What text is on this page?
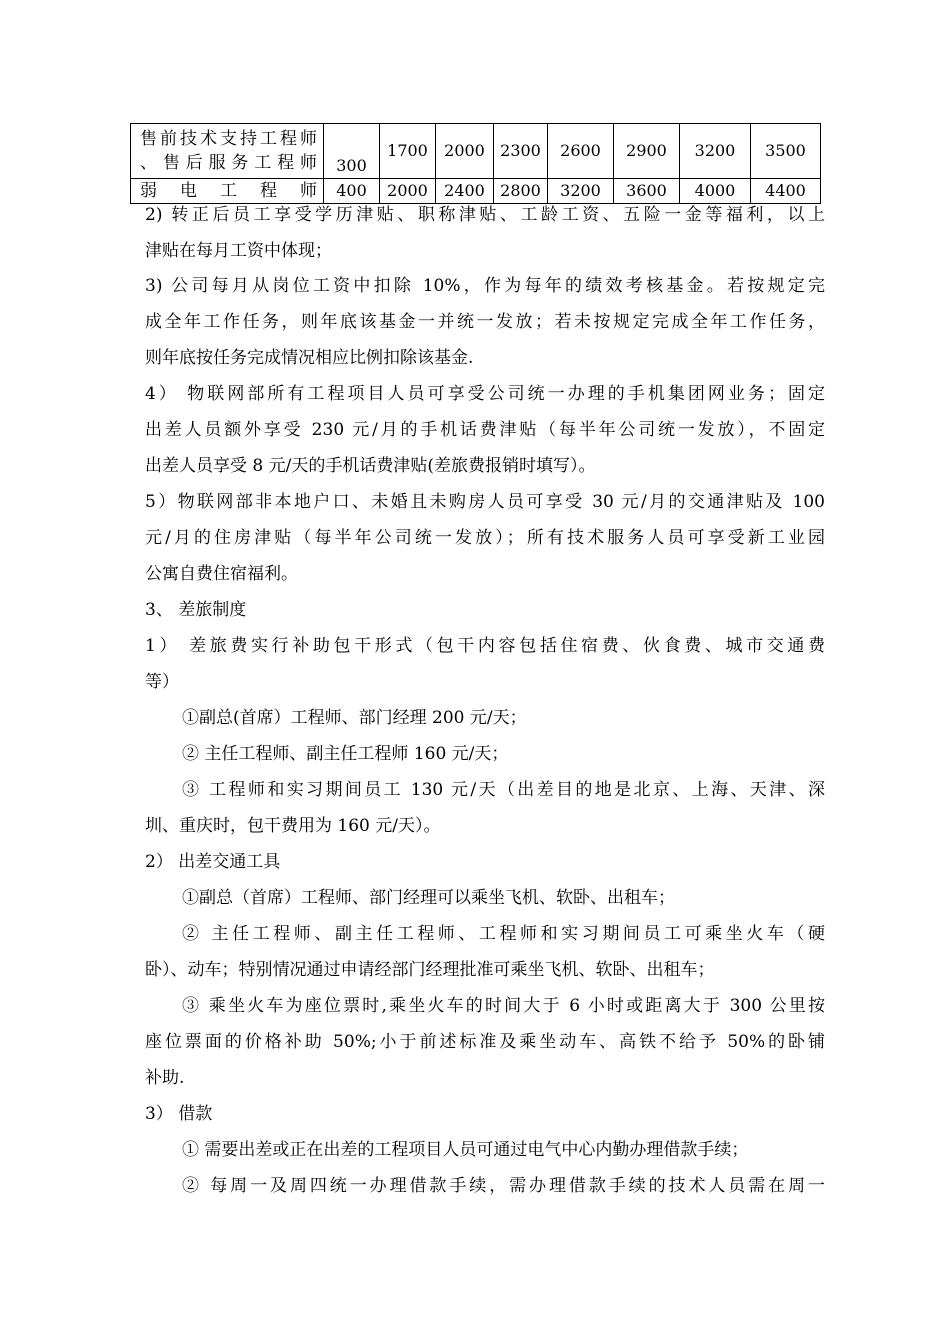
售前技术支持工程师
、售后服务工程师	300	1700	2000	2300	2600	2900	3200	3500
弱电工程师	400	2000	2400	2800	3200	3600	4000	4400
2) 转正后员工享受学历津贴、职称津贴、工龄工资、五险一金等福利，以上
津贴在每月工资中体现；
3) 公司每月从岗位工资中扣除 10%，作为每年的绩效考核基金。若按规定完
成全年工作任务，则年底该基金一并统一发放；若未按规定完成全年工作任务，
则年底按任务完成情况相应比例扣除该基金.
4） 物联网部所有工程项目人员可享受公司统一办理的手机集团网业务；固定
出差人员额外享受 230 元/月的手机话费津贴（每半年公司统一发放），不固定
出差人员享受 8 元/天的手机话费津贴(差旅费报销时填写）。
5）物联网部非本地户口、未婚且未购房人员可享受 30 元/月的交通津贴及 100
元/月的住房津贴（每半年公司统一发放）；所有技术服务人员可享受新工业园
公寓自费住宿福利。
3、 差旅制度
1） 差旅费实行补助包干形式（包干内容包括住宿费、伙食费、城市交通费
等）
①副总(首席）工程师、部门经理 200 元/天；
② 主任工程师、副主任工程师 160 元/天；
③ 工程师和实习期间员工 130 元/天（出差目的地是北京、上海、天津、深
圳、重庆时，包干费用为 160 元/天）。
2） 出差交通工具
①副总（首席）工程师、部门经理可以乘坐飞机、软卧、出租车；
② 主任工程师、副主任工程师、工程师和实习期间员工可乘坐火车（硬
卧）、动车；特别情况通过申请经部门经理批准可乘坐飞机、软卧、出租车；
③ 乘坐火车为座位票时,乘坐火车的时间大于 6 小时或距离大于 300 公里按
座位票面的价格补助 50%;小于前述标准及乘坐动车、高铁不给予 50%的卧铺
补助.
3） 借款
① 需要出差或正在出差的工程项目人员可通过电气中心内勤办理借款手续；
② 每周一及周四统一办理借款手续，需办理借款手续的技术人员需在周一
